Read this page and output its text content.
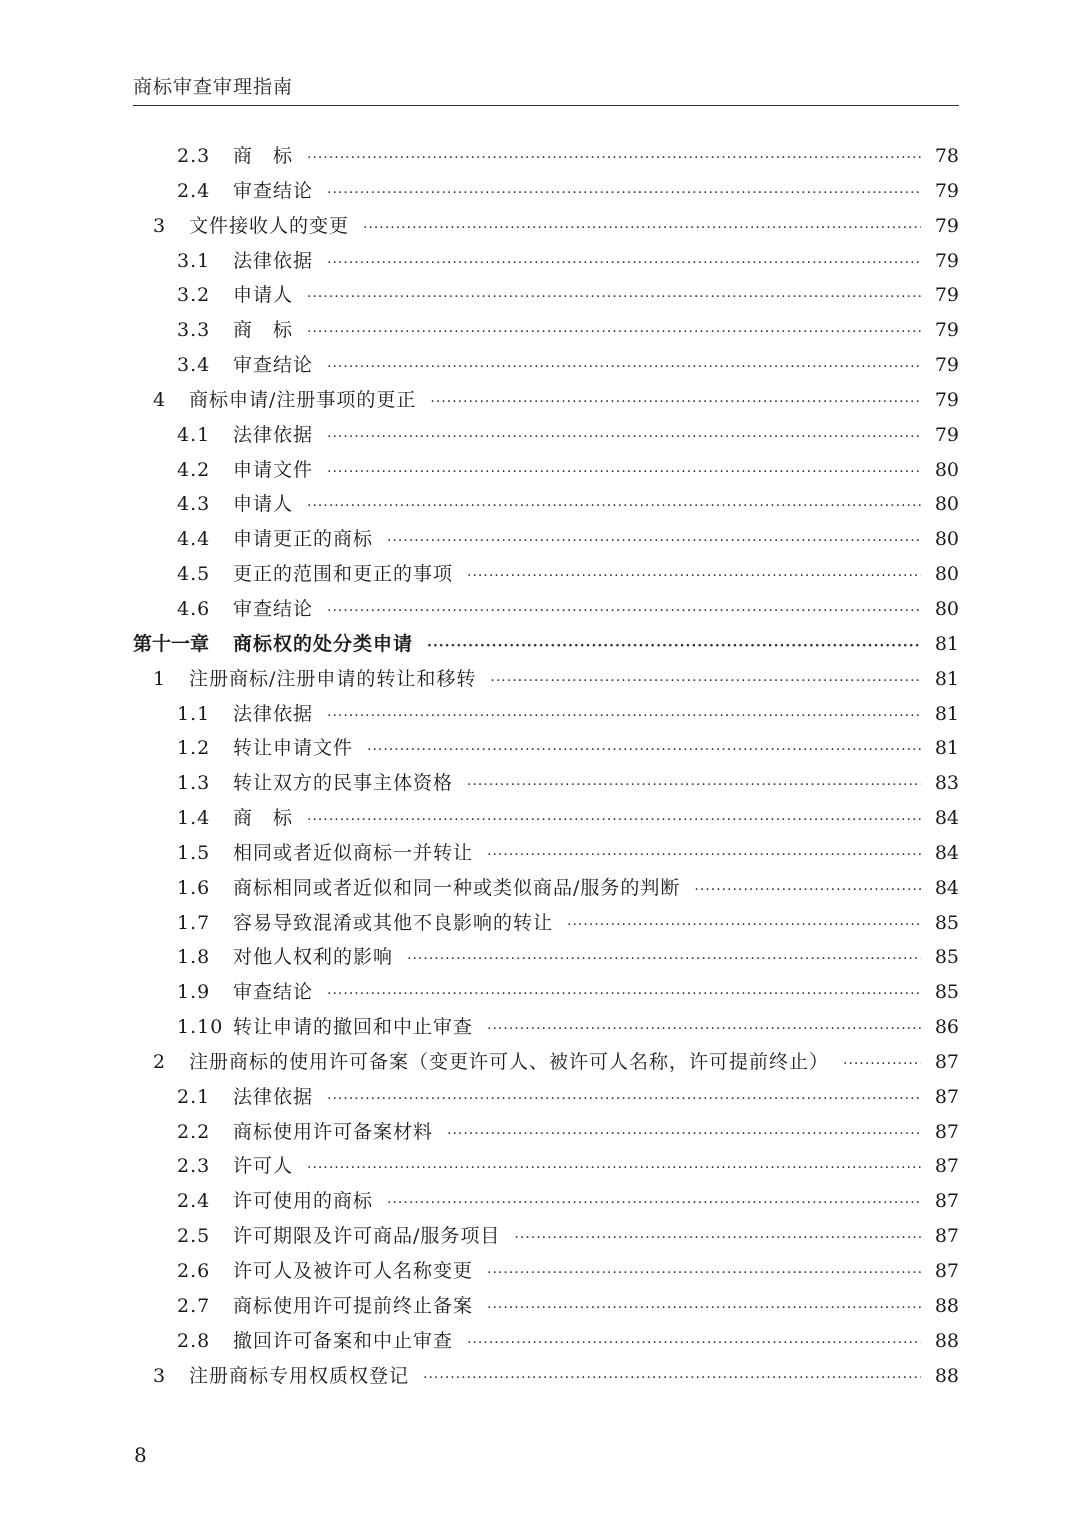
商标审查审理指南
2.3	商　标 ·····	78
2.4	审查结论 ·····	79
3	文件接收人的变更 ·····	79
3.1	法律依据 ·····	79
3.2	申请人 ·····	79
3.3	商　标 ·····	79
3.4	审查结论 ·····	79
4	商标申请/注册事项的更正 ·····	79
4.1	法律依据 ·····	79
4.2	申请文件 ·····	80
4.3	申请人 ·····	80
4.4	申请更正的商标 ·····	80
4.5	更正的范围和更正的事项 ·····	80
4.6	审查结论 ·····	80
第十一章 商标权的处分类申请 ·····	81
1	注册商标/注册申请的转让和移转 ·····	81
1.1	法律依据 ·····	81
1.2	转让申请文件 ·····	81
1.3	转让双方的民事主体资格 ·····	83
1.4	商　标 ·····	84
1.5	相同或者近似商标一并转让 ·····	84
1.6	商标相同或者近似和同一种或类似商品/服务的判断 ·····	84
1.7	容易导致混淆或其他不良影响的转让 ·····	85
1.8	对他人权利的影响 ·····	85
1.9	审查结论 ·····	85
1.10 转让申请的撤回和中止审查 ·····	86
2	注册商标的使用许可备案（变更许可人、被许可人名称，许可提前终止） ·····	87
2.1	法律依据 ·····	87
2.2	商标使用许可备案材料 ·····	87
2.3	许可人 ·····	87
2.4	许可使用的商标 ·····	87
2.5	许可期限及许可商品/服务项目 ·····	87
2.6	许可人及被许可人名称变更 ·····	87
2.7	商标使用许可提前终止备案 ·····	88
2.8	撤回许可备案和中止审查 ·····	88
3	注册商标专用权质权登记 ·····	88
8
